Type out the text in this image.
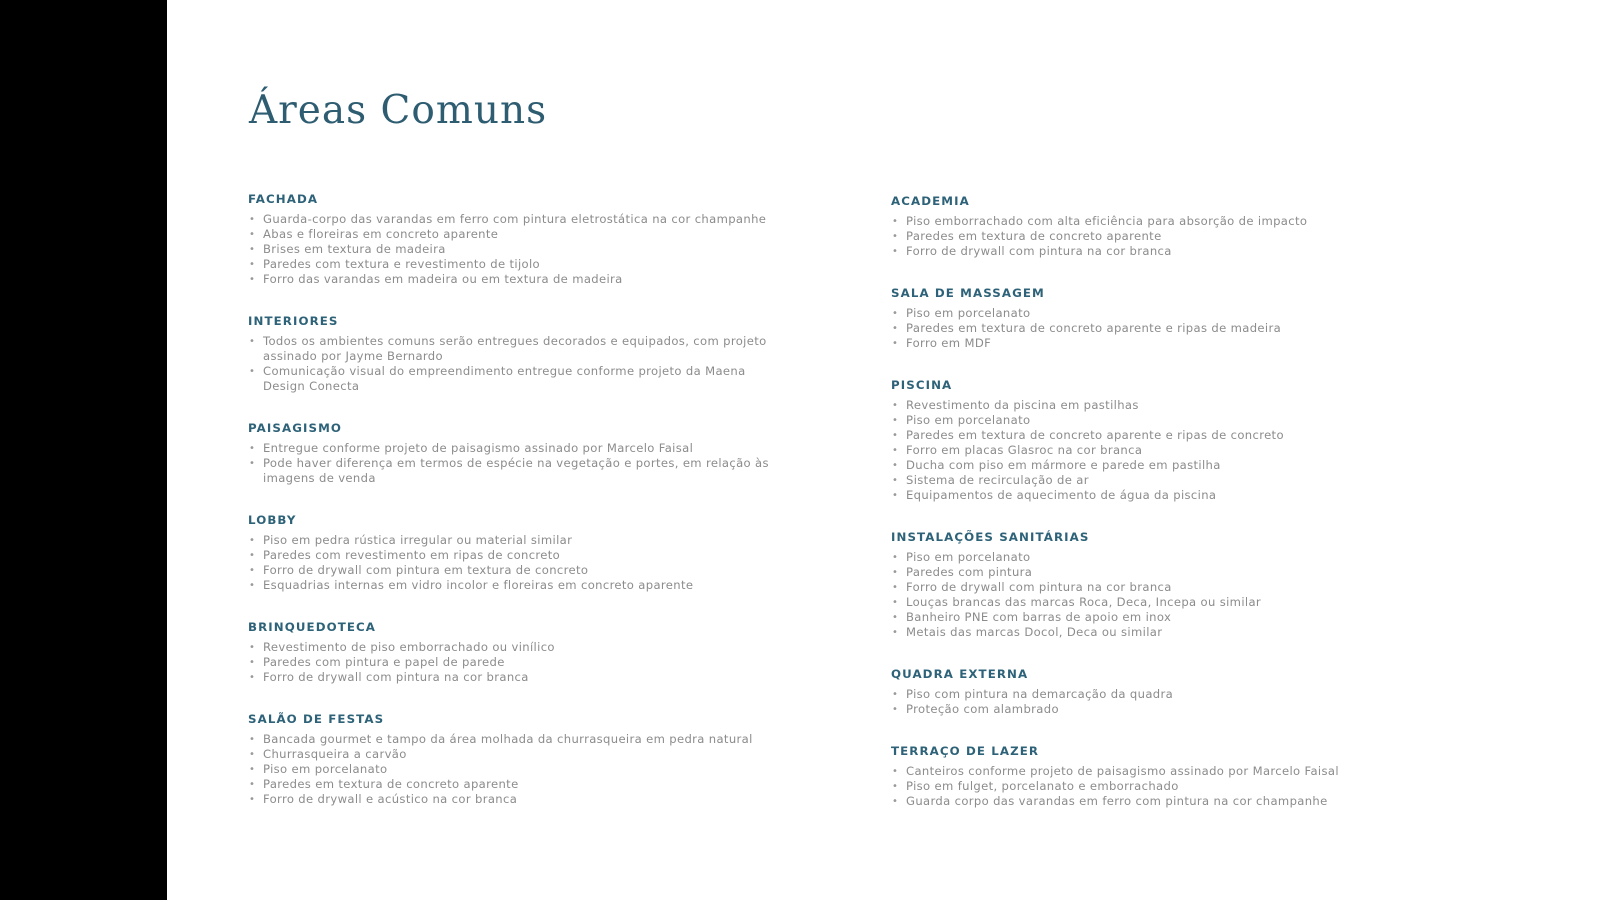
Áreas Comuns
FACHADA
• Guarda-corpo das varandas em ferro com pintura eletrostática na cor champanhe
• Abas e floreiras em concreto aparente
• Brises em textura de madeira
• Paredes com textura e revestimento de tijolo
• Forro das varandas em madeira ou em textura de madeira
INTERIORES
• Todos os ambientes comuns serão entregues decorados e equipados, com projeto assinado por Jayme Bernardo
• Comunicação visual do empreendimento entregue conforme projeto da Maena Design Conecta
PAISAGISMO
• Entregue conforme projeto de paisagismo assinado por Marcelo Faisal
• Pode haver diferença em termos de espécie na vegetação e portes, em relação às imagens de venda
LOBBY
• Piso em pedra rústica irregular ou material similar
• Paredes com revestimento em ripas de concreto
• Forro de drywall com pintura em textura de concreto
• Esquadrias internas em vidro incolor e floreiras em concreto aparente
BRINQUEDOTECA
• Revestimento de piso emborrachado ou vinílico
• Paredes com pintura e papel de parede
• Forro de drywall com pintura na cor branca
SALÃO DE FESTAS
• Bancada gourmet e tampo da área molhada da churrasqueira em pedra natural
• Churrasqueira a carvão
• Piso em porcelanato
• Paredes em textura de concreto aparente
• Forro de drywall e acústico na cor branca
ACADEMIA
• Piso emborrachado com alta eficiência para absorção de impacto
• Paredes em textura de concreto aparente
• Forro de drywall com pintura na cor branca
SALA DE MASSAGEM
• Piso em porcelanato
• Paredes em textura de concreto aparente e ripas de madeira
• Forro em MDF
PISCINA
• Revestimento da piscina em pastilhas
• Piso em porcelanato
• Paredes em textura de concreto aparente e ripas de concreto
• Forro em placas Glasroc na cor branca
• Ducha com piso em mármore e parede em pastilha
• Sistema de recirculação de ar
• Equipamentos de aquecimento de água da piscina
INSTALAÇÕES SANITÁRIAS
• Piso em porcelanato
• Paredes com pintura
• Forro de drywall com pintura na cor branca
• Louças brancas das marcas Roca, Deca, Incepa ou similar
• Banheiro PNE com barras de apoio em inox
• Metais das marcas Docol, Deca ou similar
QUADRA EXTERNA
• Piso com pintura na demarcação da quadra
• Proteção com alambrado
TERRAÇO DE LAZER
• Canteiros conforme projeto de paisagismo assinado por Marcelo Faisal
• Piso em fulget, porcelanato e emborrachado
• Guarda corpo das varandas em ferro com pintura na cor champanhe
